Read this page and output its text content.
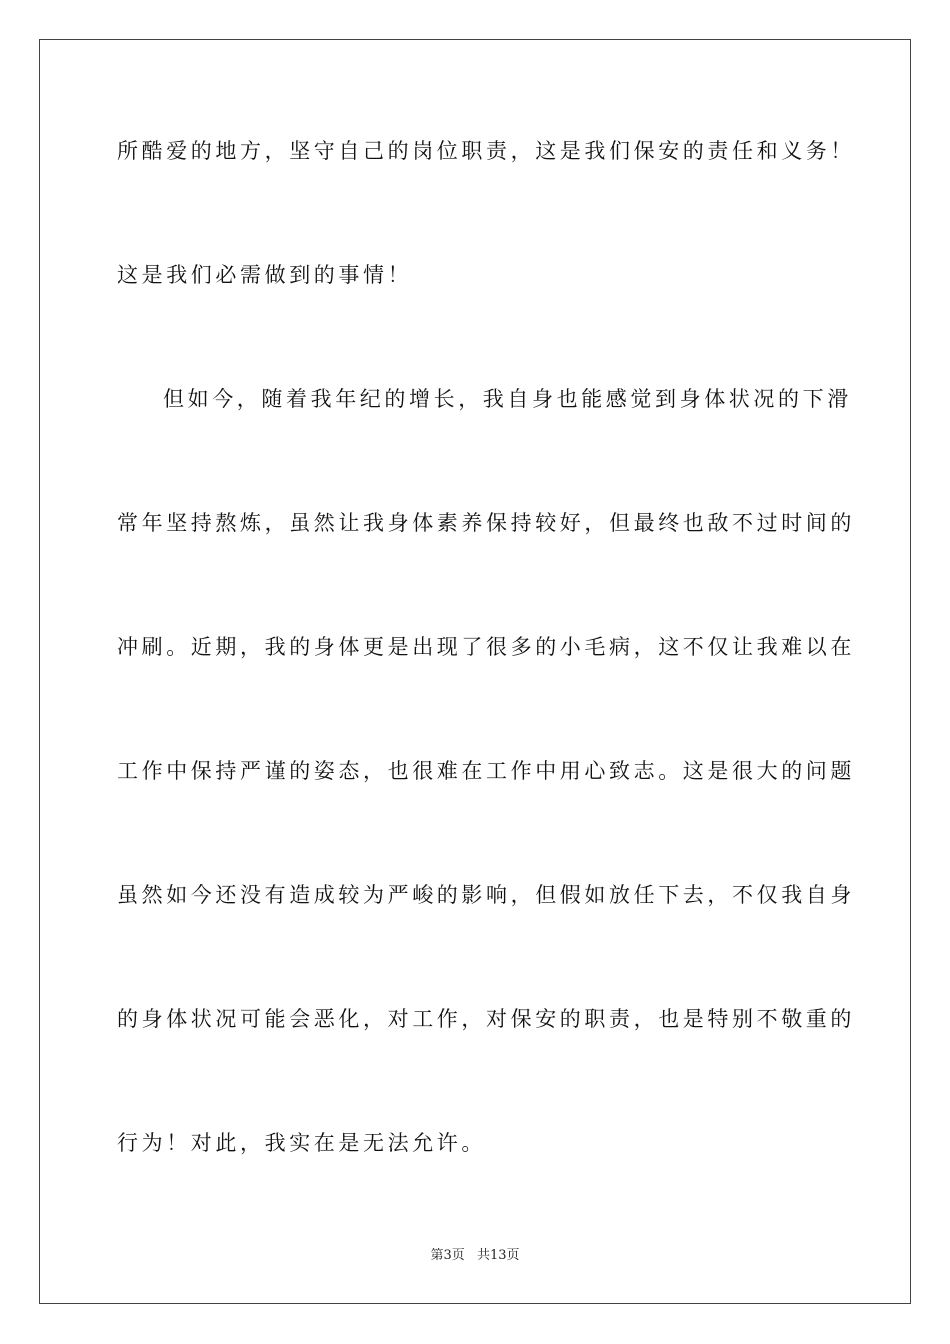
所酷爱的地方，坚守自己的岗位职责，这是我们保安的责任和义务！
这是我们必需做到的事情！
但如今，随着我年纪的增长，我自身也能感觉到身体状况的下滑
常年坚持熬炼，虽然让我身体素养保持较好，但最终也敌不过时间的
冲刷。近期，我的身体更是出现了很多的小毛病，这不仅让我难以在
工作中保持严谨的姿态，也很难在工作中用心致志。这是很大的问题
虽然如今还没有造成较为严峻的影响，但假如放任下去，不仅我自身
的身体状况可能会恶化，对工作，对保安的职责，也是特别不敬重的
行为！对此，我实在是无法允许。
第3页 共13页
